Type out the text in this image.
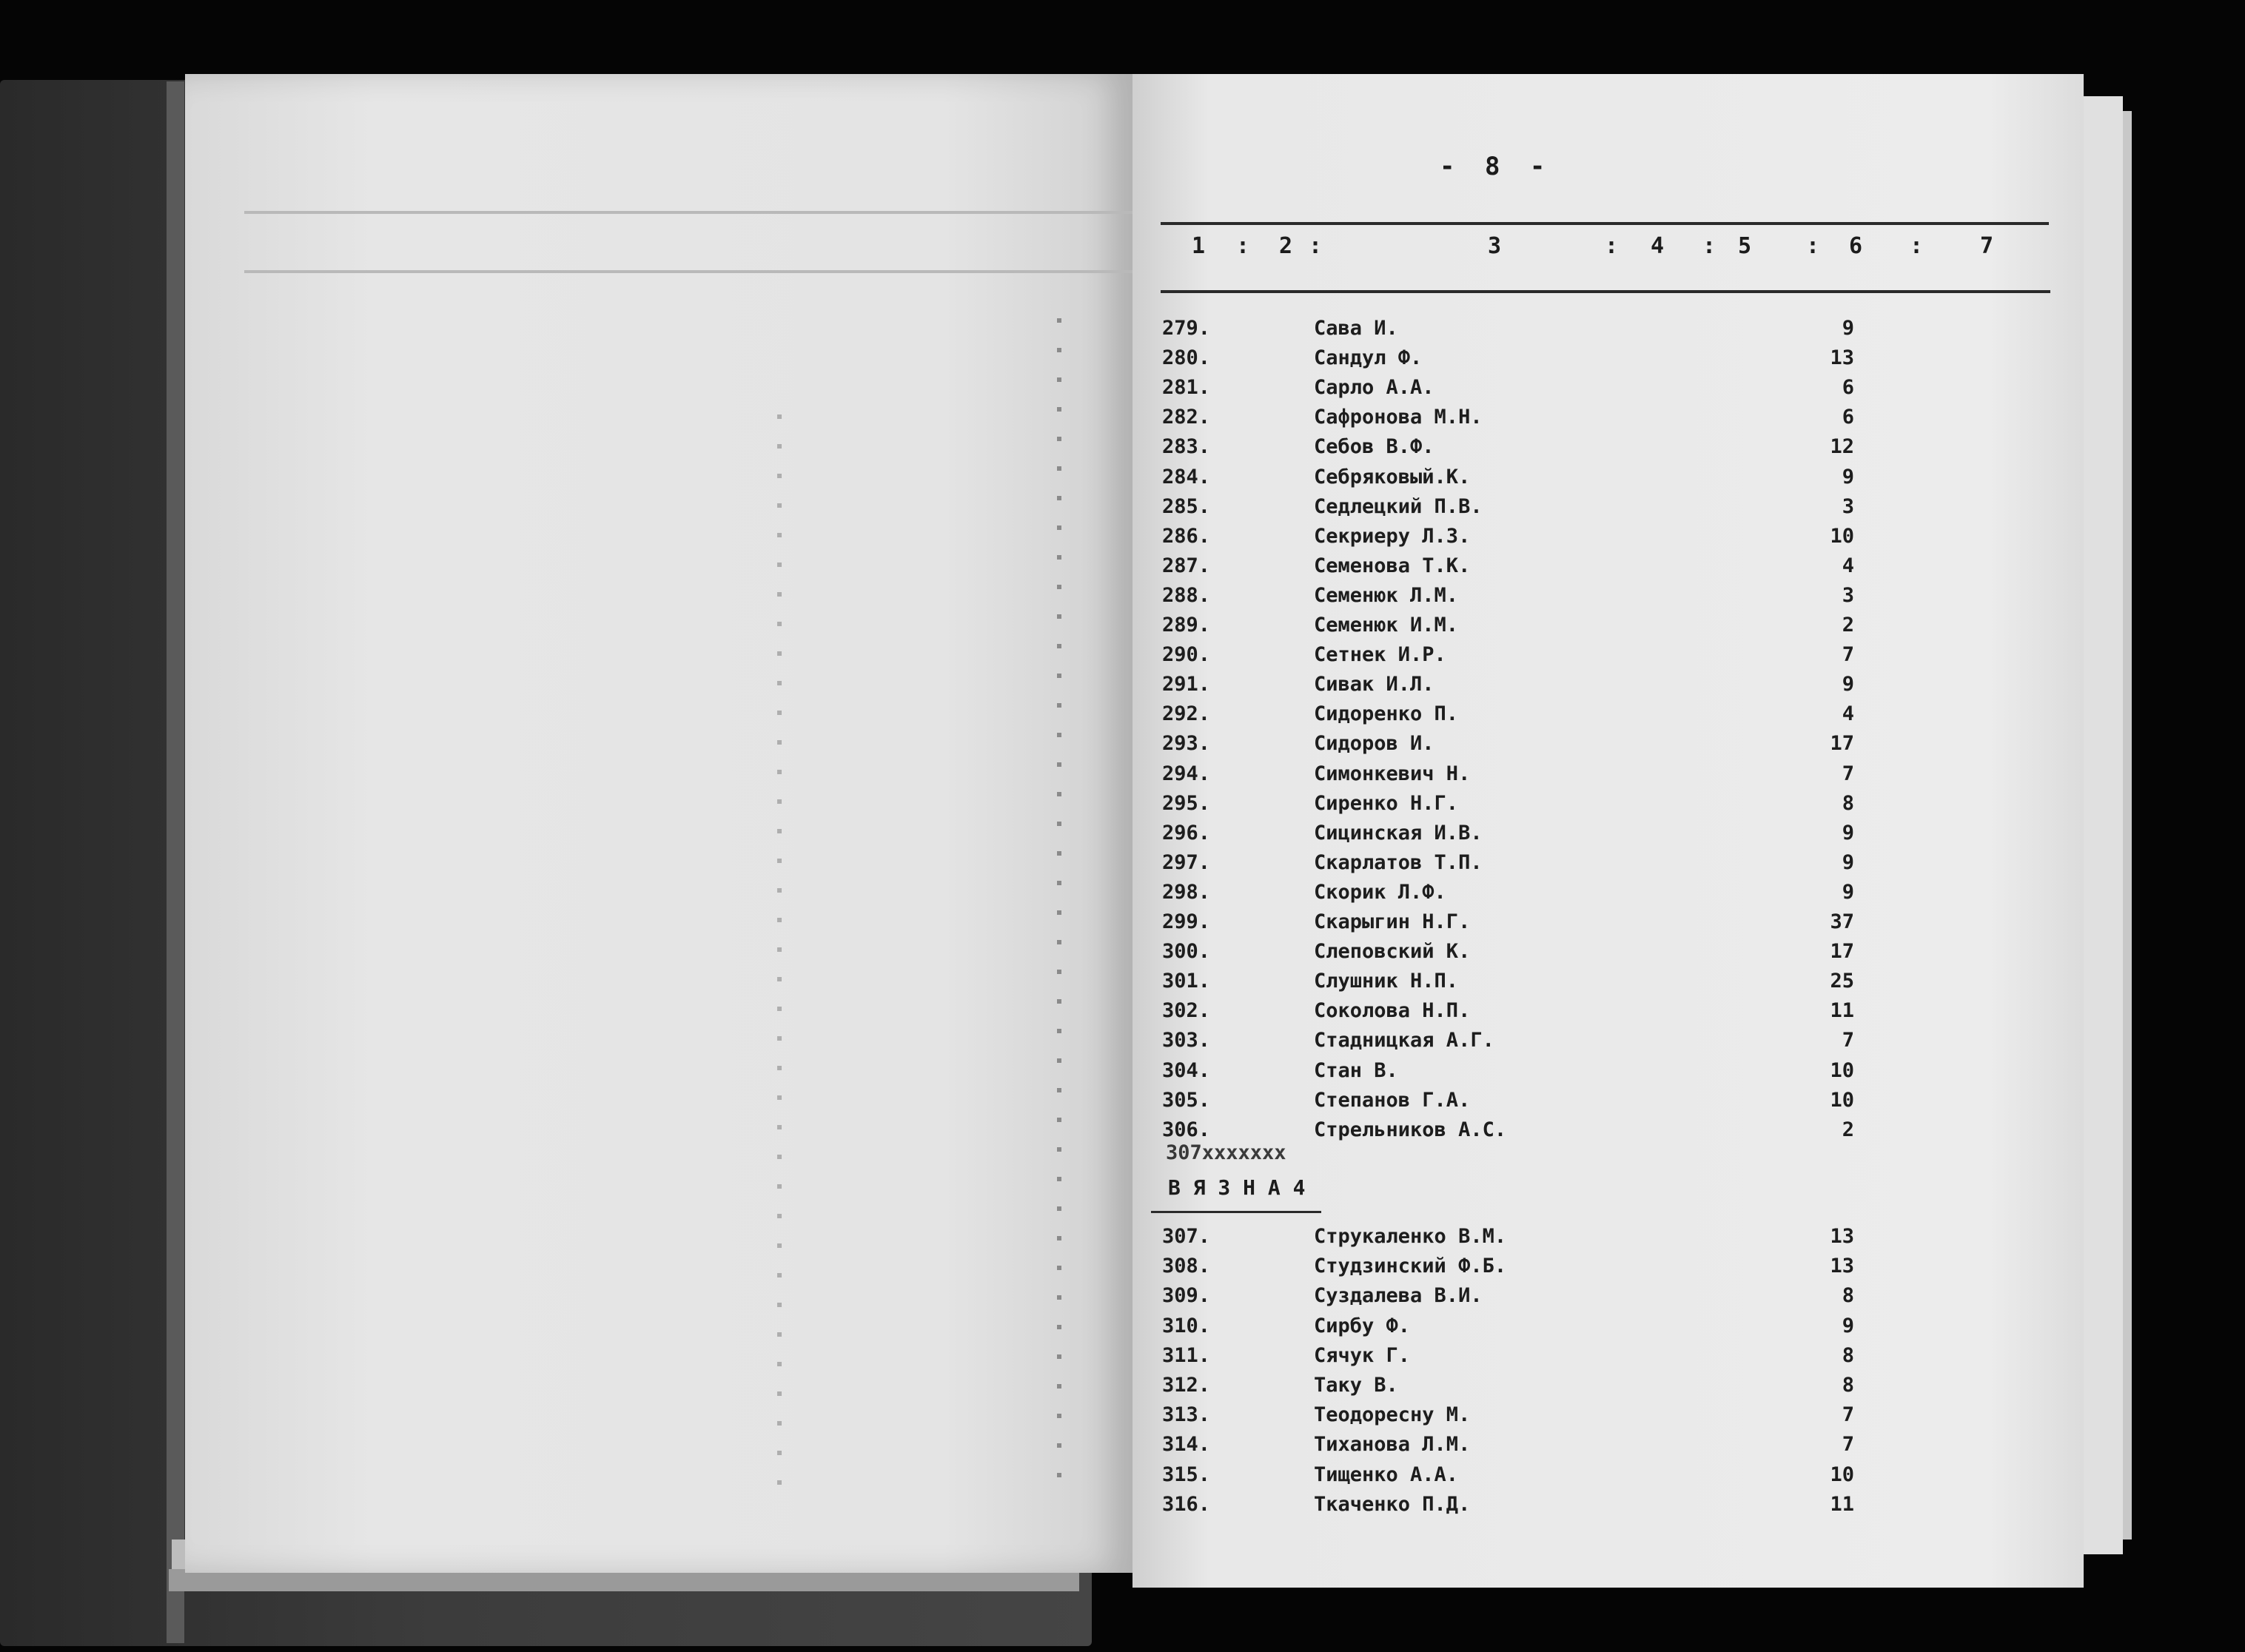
- 8 -
1 : 2 :	3	: 4 : 5 : 6 :	7
279.	Сава И.	9
280.	Сандул Ф.	13
281.	Сарло А.А.	6
282.	Сафронова М.Н.	6
283.	Себов В.Ф.	12
284.	Себряковый.К.	9
285.	Седлецкий П.В.	3
286.	Секриеру Л.З.	10
287.	Семенова Т.К.	4
288.	Семенюк Л.М.	3
289.	Семенюк И.М.	2
290.	Сетнек И.Р.	7
291.	Сивак И.Л.	9
292.	Сидоренко П.	4
293.	Сидоров И.	17
294.	Симонкевич Н.	7
295.	Сиренко Н.Г.	8
296.	Сицинская И.В.	9
297.	Скарлатов Т.П.	9
298.	Скорик Л.Ф.	9
299.	Скарыгин Н.Г.	37
300.	Слеповский К.	17
301.	Слушник Н.П.	25
302.	Соколова Н.П.	11
303.	Стадницкая А.Г.	7
304.	Стан В.	10
305.	Степанов Г.А.	10
306.	Стрельников А.С.	2
307xxxxxxx
В Я З Н А 4
307.	Струкаленко В.М.	13
308.	Студзинский Ф.Б.	13
309.	Суздалева В.И.	8
310.	Сирбу Ф.	9
311.	Сячук Г.	8
312.	Таку В.	8
313.	Теодоресну М.	7
314.	Тиханова Л.М.	7
315.	Тищенко А.А.	10
316.	Ткаченко П.Д.	11
